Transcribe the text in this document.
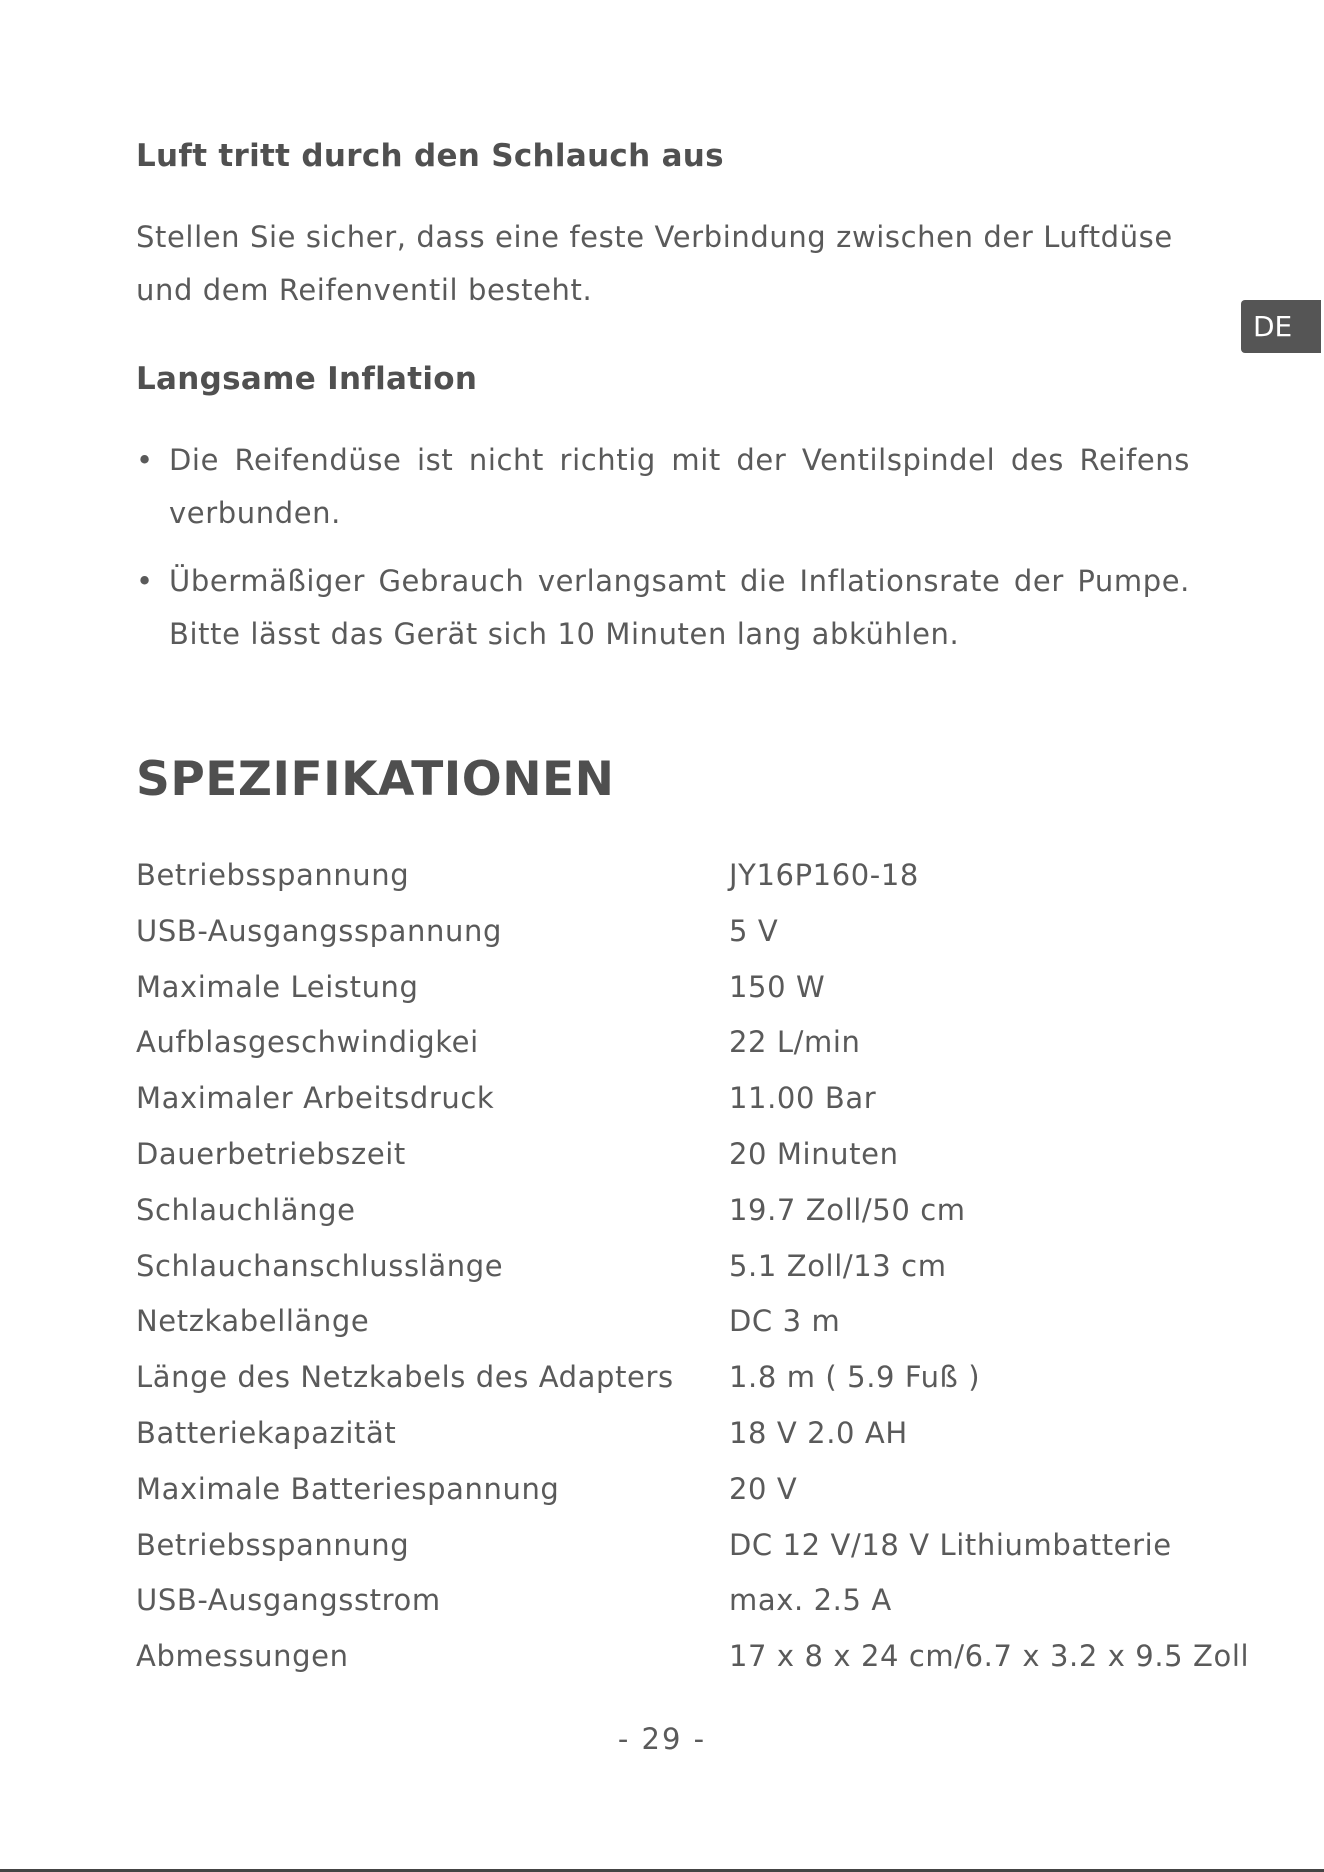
DE
Luft tritt durch den Schlauch aus
Stellen Sie sicher, dass eine feste Verbindung zwischen der Luftdüse und dem Reifenventil besteht.
Langsame Inflation
• Die Reifendüse ist nicht richtig mit der Ventilspindel des Reifens verbunden.
• Übermäßiger Gebrauch verlangsamt die Inflationsrate der Pumpe. Bitte lässt das Gerät sich 10 Minuten lang abkühlen.
SPEZIFIKATIONEN
Betriebsspannung	JY16P160-18
USB-Ausgangsspannung	5 V
Maximale Leistung	150 W
Aufblasgeschwindigkei	22 L/min
Maximaler Arbeitsdruck	11.00 Bar
Dauerbetriebszeit	20 Minuten
Schlauchlänge	19.7 Zoll/50 cm
Schlauchanschlusslänge	5.1 Zoll/13 cm
Netzkabellänge	DC 3 m
Länge des Netzkabels des Adapters 1.8 m ( 5.9 Fuß )
Batteriekapazität	18 V 2.0 AH
Maximale Batteriespannung	20 V
Betriebsspannung	DC 12 V/18 V Lithiumbatterie
USB-Ausgangsstrom	max. 2.5 A
Abmessungen	17 x 8 x 24 cm/6.7 x 3.2 x 9.5 Zoll
- 29 -
